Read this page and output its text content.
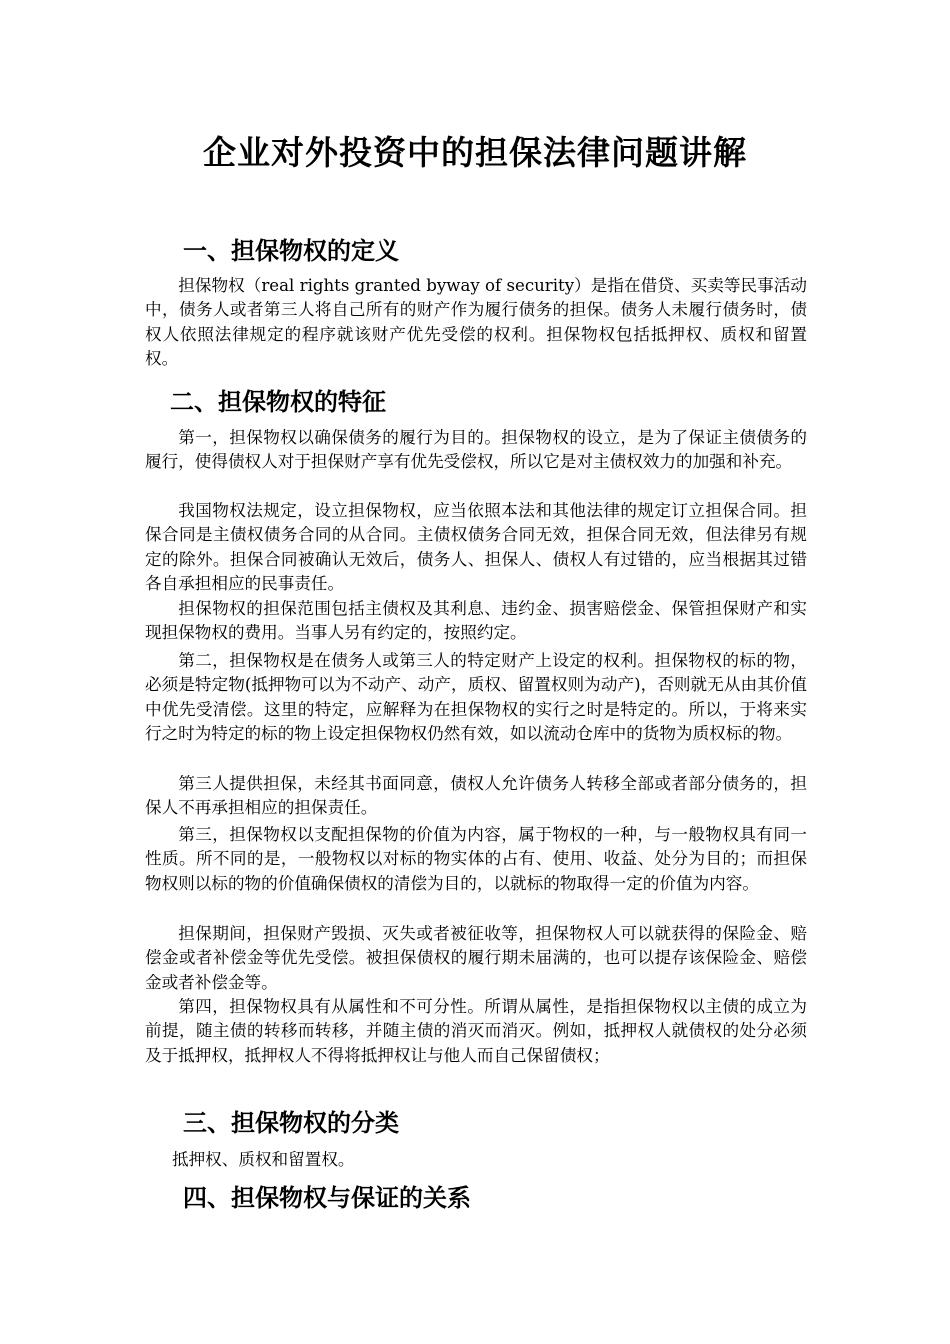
企业对外投资中的担保法律问题讲解
一、担保物权的定义
担保物权（real rights granted byway of security）是指在借贷、买卖等民事活动中，债务人或者第三人将自己所有的财产作为履行债务的担保。债务人未履行债务时，债权人依照法律规定的程序就该财产优先受偿的权利。担保物权包括抵押权、质权和留置权。
二、担保物权的特征
第一，担保物权以确保债务的履行为目的。担保物权的设立，是为了保证主债债务的履行，使得债权人对于担保财产享有优先受偿权，所以它是对主债权效力的加强和补充。
我国物权法规定，设立担保物权，应当依照本法和其他法律的规定订立担保合同。担保合同是主债权债务合同的从合同。主债权债务合同无效，担保合同无效，但法律另有规定的除外。担保合同被确认无效后，债务人、担保人、债权人有过错的，应当根据其过错各自承担相应的民事责任。
担保物权的担保范围包括主债权及其利息、违约金、损害赔偿金、保管担保财产和实现担保物权的费用。当事人另有约定的，按照约定。
第二，担保物权是在债务人或第三人的特定财产上设定的权利。担保物权的标的物，必须是特定物(抵押物可以为不动产、动产，质权、留置权则为动产)，否则就无从由其价值中优先受清偿。这里的特定，应解释为在担保物权的实行之时是特定的。所以，于将来实行之时为特定的标的物上设定担保物权仍然有效，如以流动仓库中的货物为质权标的物。
第三人提供担保，未经其书面同意，债权人允许债务人转移全部或者部分债务的，担保人不再承担相应的担保责任。
第三，担保物权以支配担保物的价值为内容，属于物权的一种，与一般物权具有同一性质。所不同的是，一般物权以对标的物实体的占有、使用、收益、处分为目的；而担保物权则以标的物的价值确保债权的清偿为目的，以就标的物取得一定的价值为内容。
担保期间，担保财产毁损、灭失或者被征收等，担保物权人可以就获得的保险金、赔偿金或者补偿金等优先受偿。被担保债权的履行期未届满的，也可以提存该保险金、赔偿金或者补偿金等。
第四，担保物权具有从属性和不可分性。所谓从属性，是指担保物权以主债的成立为前提，随主债的转移而转移，并随主债的消灭而消灭。例如，抵押权人就债权的处分必须及于抵押权，抵押权人不得将抵押权让与他人而自己保留债权；
三、担保物权的分类
抵押权、质权和留置权。
四、担保物权与保证的关系
